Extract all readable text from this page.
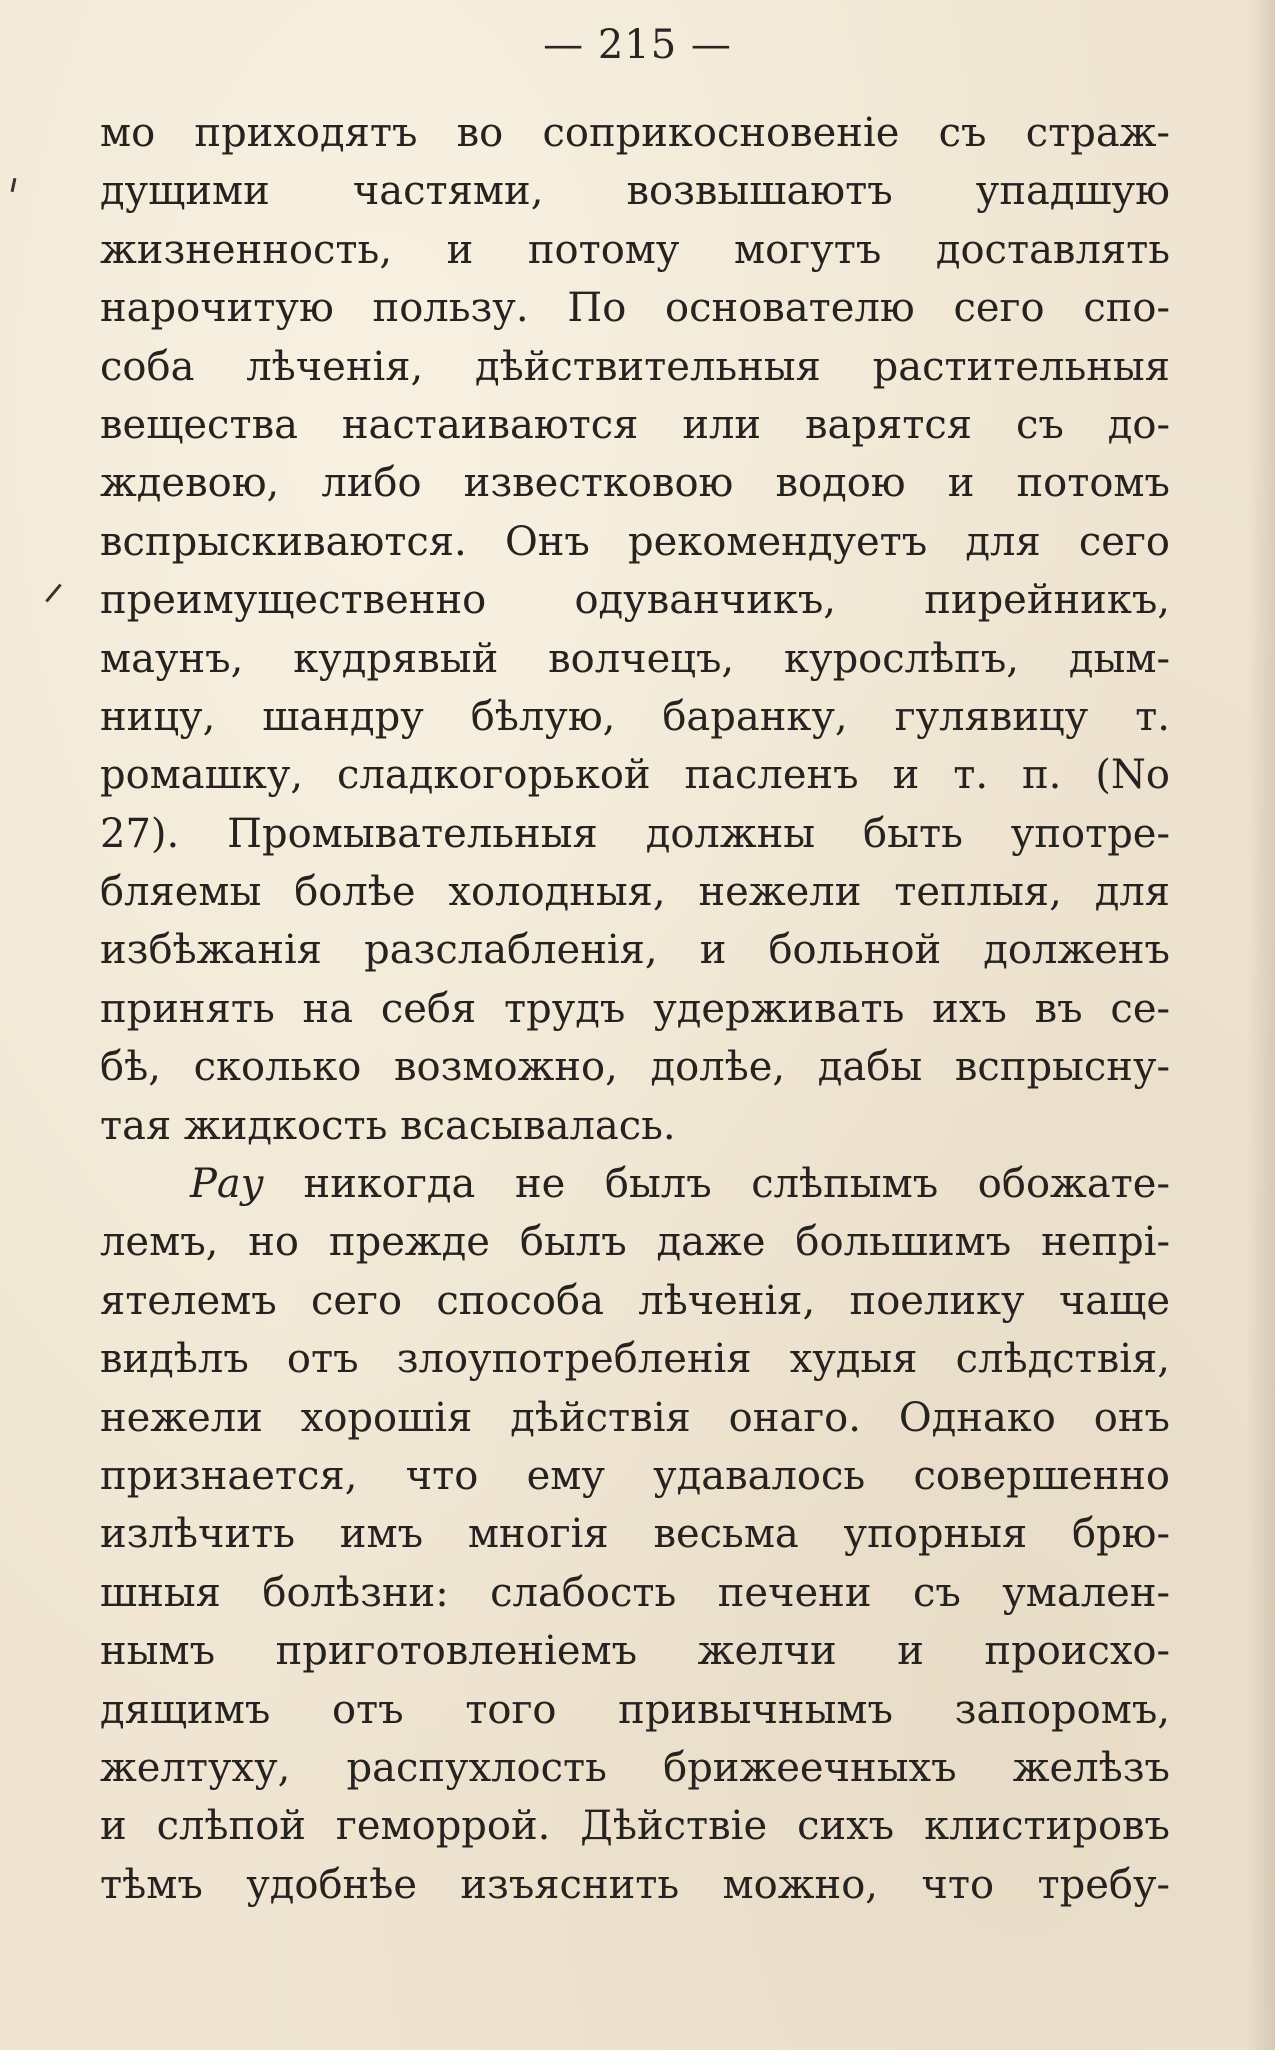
— 215 —
мо приходятъ во соприкосновеніе съ страж-
дущими частями, возвышаютъ упадшую
жизненность, и потому могутъ доставлять
нарочитую пользу. По основателю сего спо-
соба лѣченія, дѣйствительныя растительныя
вещества настаиваются или варятся съ до-
ждевою, либо известковою водою и потомъ
вспрыскиваются. Онъ рекомендуетъ для сего
преимущественно одуванчикъ, пирейникъ,
маунъ, кудрявый волчецъ, курослѣпъ, дым-
ницу, шандру бѣлую, баранку, гулявицу т.
ромашку, сладкогорькой пасленъ и т. п. (No
27). Промывательныя должны быть употре-
бляемы болѣе холодныя, нежели теплыя, для
избѣжанія разслабленія, и больной долженъ
принять на себя трудъ удерживать ихъ въ се-
бѣ, сколько возможно, долѣе, дабы вспрысну-
тая жидкость всасывалась.
Рау никогда не былъ слѣпымъ обожате-
лемъ, но прежде былъ даже большимъ непрі-
ятелемъ сего способа лѣченія, поелику чаще
видѣлъ отъ злоупотребленія худыя слѣдствія,
нежели хорошія дѣйствія онаго. Однако онъ
признается, что ему удавалось совершенно
излѣчить имъ многія весьма упорныя брю-
шныя болѣзни: слабость печени съ умален-
нымъ приготовленіемъ желчи и происхо-
дящимъ отъ того привычнымъ запоромъ,
желтуху, распухлость брижеечныхъ желѣзъ
и слѣпой геморрой. Дѣйствіе сихъ клистировъ
тѣмъ удобнѣе изъяснить можно, что требу-
